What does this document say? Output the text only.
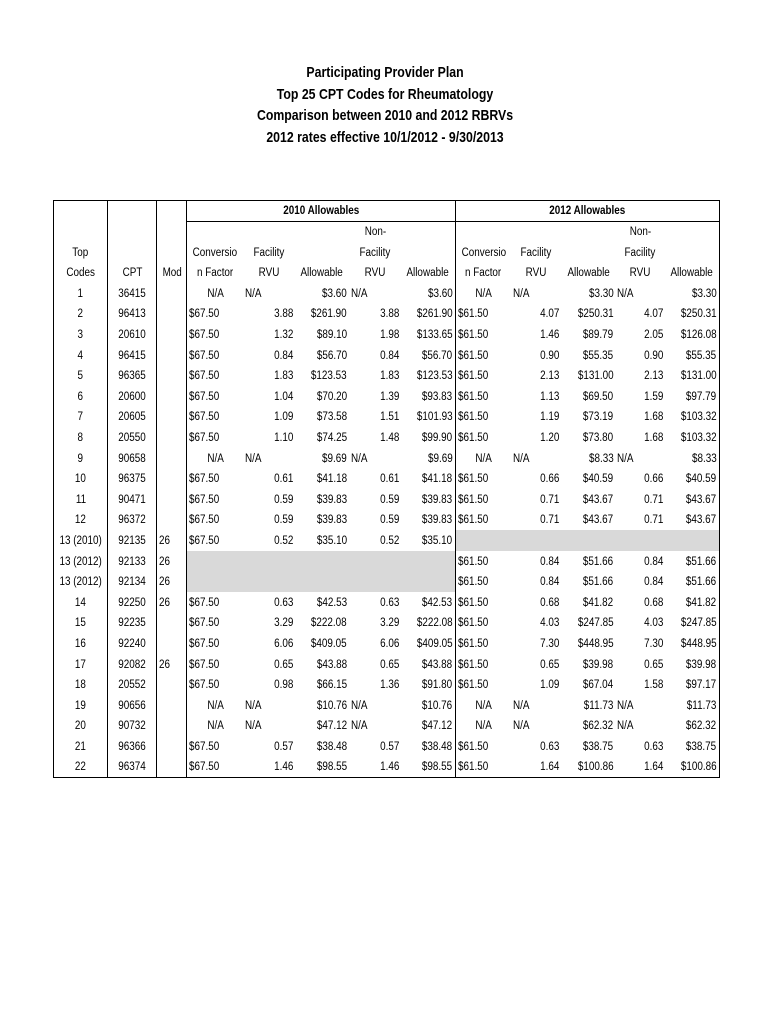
Participating Provider Plan
Top 25 CPT Codes for Rheumatology
Comparison between 2010 and 2012 RBRVs
2012 rates effective 10/1/2012 - 9/30/2013
			2010 Allowables					2012 Allowables				
						Non-					Non-	
Top			Conversio	Facility		Facility		Conversio	Facility		Facility	
Codes	CPT	Mod	n Factor	RVU	Allowable	RVU	Allowable	n Factor	RVU	Allowable	RVU	Allowable
1	36415		N/A	N/A	$3.60	N/A	$3.60	N/A	N/A	$3.30	N/A	$3.30
2	96413		$67.50	3.88	$261.90	3.88	$261.90	$61.50	4.07	$250.31	4.07	$250.31
3	20610		$67.50	1.32	$89.10	1.98	$133.65	$61.50	1.46	$89.79	2.05	$126.08
4	96415		$67.50	0.84	$56.70	0.84	$56.70	$61.50	0.90	$55.35	0.90	$55.35
5	96365		$67.50	1.83	$123.53	1.83	$123.53	$61.50	2.13	$131.00	2.13	$131.00
6	20600		$67.50	1.04	$70.20	1.39	$93.83	$61.50	1.13	$69.50	1.59	$97.79
7	20605		$67.50	1.09	$73.58	1.51	$101.93	$61.50	1.19	$73.19	1.68	$103.32
8	20550		$67.50	1.10	$74.25	1.48	$99.90	$61.50	1.20	$73.80	1.68	$103.32
9	90658		N/A	N/A	$9.69	N/A	$9.69	N/A	N/A	$8.33	N/A	$8.33
10	96375		$67.50	0.61	$41.18	0.61	$41.18	$61.50	0.66	$40.59	0.66	$40.59
11	90471		$67.50	0.59	$39.83	0.59	$39.83	$61.50	0.71	$43.67	0.71	$43.67
12	96372		$67.50	0.59	$39.83	0.59	$39.83	$61.50	0.71	$43.67	0.71	$43.67
13 (2010)	92135	26	$67.50	0.52	$35.10	0.52	$35.10					
13 (2012)	92133	26						$61.50	0.84	$51.66	0.84	$51.66
13 (2012)	92134	26						$61.50	0.84	$51.66	0.84	$51.66
14	92250	26	$67.50	0.63	$42.53	0.63	$42.53	$61.50	0.68	$41.82	0.68	$41.82
15	92235		$67.50	3.29	$222.08	3.29	$222.08	$61.50	4.03	$247.85	4.03	$247.85
16	92240		$67.50	6.06	$409.05	6.06	$409.05	$61.50	7.30	$448.95	7.30	$448.95
17	92082	26	$67.50	0.65	$43.88	0.65	$43.88	$61.50	0.65	$39.98	0.65	$39.98
18	20552		$67.50	0.98	$66.15	1.36	$91.80	$61.50	1.09	$67.04	1.58	$97.17
19	90656		N/A	N/A	$10.76	N/A	$10.76	N/A	N/A	$11.73	N/A	$11.73
20	90732		N/A	N/A	$47.12	N/A	$47.12	N/A	N/A	$62.32	N/A	$62.32
21	96366		$67.50	0.57	$38.48	0.57	$38.48	$61.50	0.63	$38.75	0.63	$38.75
22	96374		$67.50	1.46	$98.55	1.46	$98.55	$61.50	1.64	$100.86	1.64	$100.86
